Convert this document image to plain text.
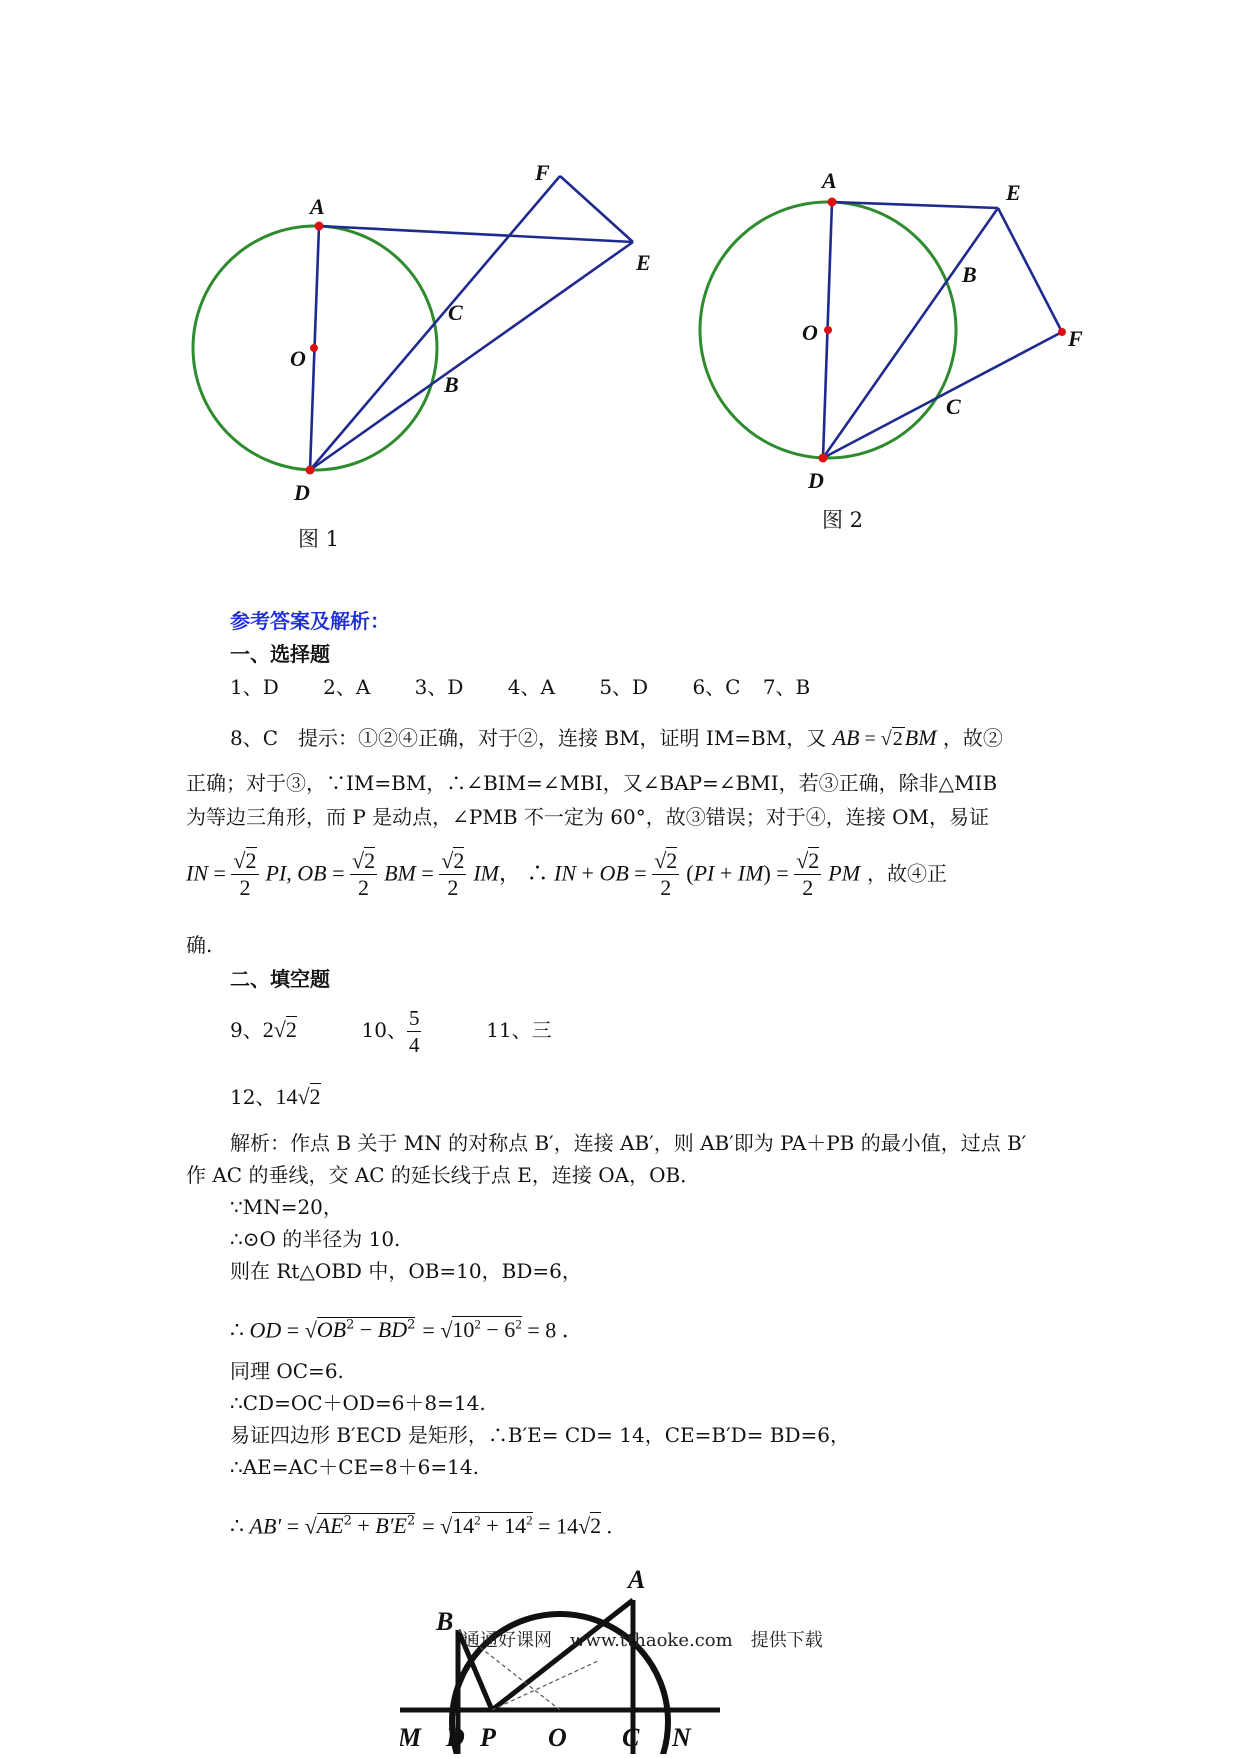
A
F
E
C
O
B
D
图 1
A	E
B
O	F
C
D
图 2
参考答案及解析：
一、选择题
1、D 2、A 3、D 4、A 5、D 6、C 7、B
8、C　提示：①②④正确，对于②，连接 BM，证明 IM=BM，又 AB = √2BM ，故②
正确；对于③，∵IM=BM，∴∠BIM=∠MBI，又∠BAP=∠BMI，若③正确，除非△MIB
为等边三角形，而 P 是动点，∠PMB 不一定为 60°，故③错误；对于④，连接 OM，易证
IN = $\frac{√2}{2}$ PI, OB = $\frac{√2}{2}$ BM = $\frac{√2}{2}$ IM， ∴ IN + OB = $\frac{√2}{2} (PI + IM) = \frac{√2}{2}$ PM ，故④正
确.
二、填空题
9、2√2	10、 $\frac{5}{4}$	11、三
12、14√2
解析：作点 B 关于 MN 的对称点 B′，连接 AB′，则 AB′即为 PA＋PB 的最小值，过点 B′
作 AC 的垂线，交 AC 的延长线于点 E，连接 OA，OB．
∵MN=20，
∴⊙O 的半径为 10.
则在 Rt△OBD 中，OB=10，BD=6，
∴ OD = $√OB^2 - BD^2 = √10^2 - 6^2 = 8$ ．
同理 OC=6.
∴CD=OC＋OD=6＋8=14.
易证四边形 B′ECD 是矩形，∴B′E= CD= 14，CE=B′D= BD=6，
∴AE=AC＋CE=8＋6=14.
∴ $AB' = √AE^2 + B'E^2 = √14^2 + 14^2 = 14√2$ .
A
B
M D P O C N
通通好课网　www.tthaoke.com　提供下载
